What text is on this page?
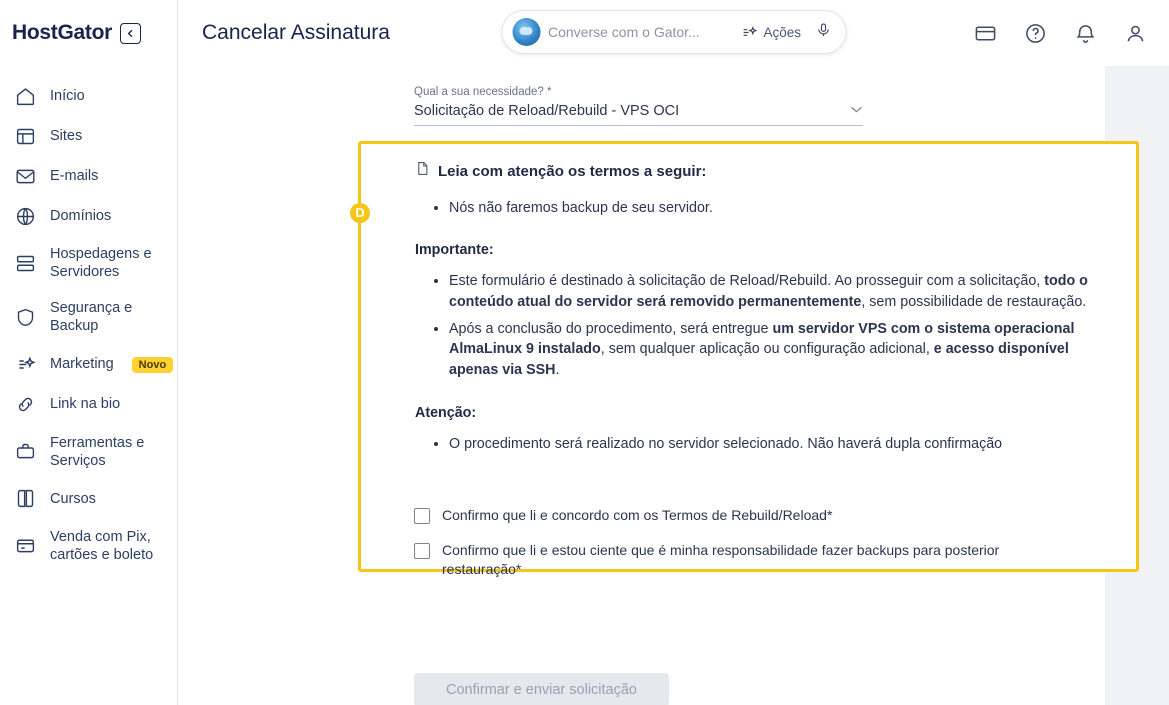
HostGator
Início
Sites
E-mails
Domínios
Hospedagens e Servidores
Segurança e Backup
Marketing	Novo
Link na bio
Ferramentas e Serviços
Cursos
Venda com Pix, cartões e boleto
Cancelar Assinatura	Converse com o Gator...	Ações
Qual a sua necessidade? *
Solicitação de Reload/Rebuild - VPS OCI
D
Leia com atenção os termos a seguir:
• Nós não faremos backup de seu servidor.
Importante:
• Este formulário é destinado à solicitação de Reload/Rebuild. Ao prosseguir com a solicitação, todo o conteúdo atual do servidor será removido permanentemente, sem possibilidade de restauração.
• Após a conclusão do procedimento, será entregue um servidor VPS com o sistema operacional AlmaLinux 9 instalado, sem qualquer aplicação ou configuração adicional, e acesso disponível apenas via SSH.
Atenção:
• O procedimento será realizado no servidor selecionado. Não haverá dupla confirmação
Confirmo que li e concordo com os Termos de Rebuild/Reload*
Confirmo que li e estou ciente que é minha responsabilidade fazer backups para posterior restauração*
Confirmar e enviar solicitação
